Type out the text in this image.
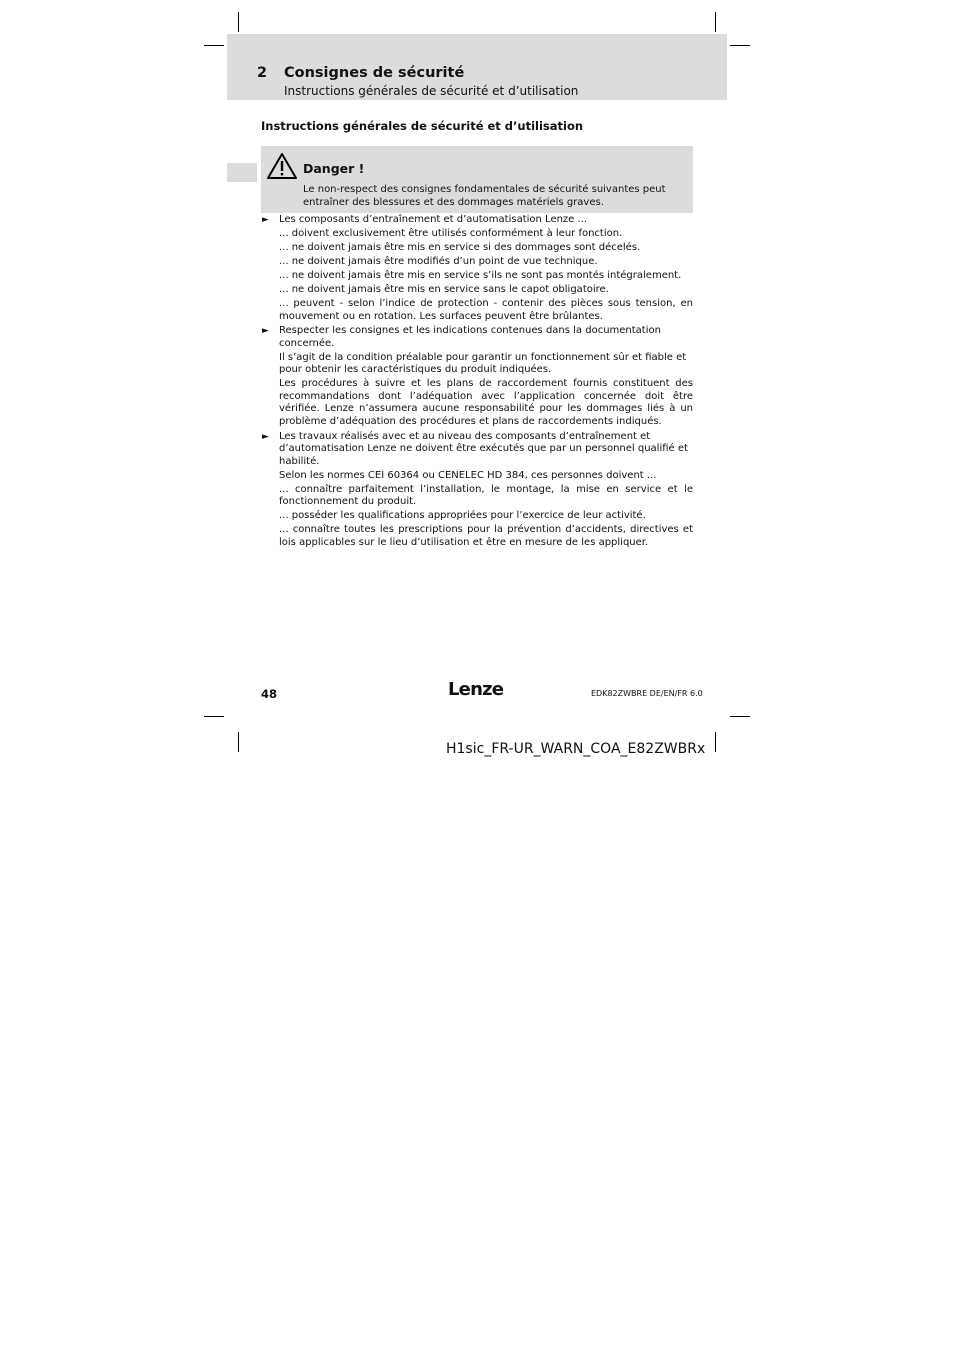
2 Consignes de sécurité
Instructions générales de sécurité et d’utilisation
Instructions générales de sécurité et d’utilisation
Danger !
Le non-respect des consignes fondamentales de sécurité suivantes peut entraîner des blessures et des dommages matériels graves.
► Les composants d’entraînement et d’automatisation Lenze ...

... doivent exclusivement être utilisés conformément à leur fonction.

... ne doivent jamais être mis en service si des dommages sont décelés.

... ne doivent jamais être modifiés d’un point de vue technique.

... ne doivent jamais être mis en service s’ils ne sont pas montés intégralement.

... ne doivent jamais être mis en service sans le capot obligatoire.

... peuvent - selon l’indice de protection - contenir des pièces sous tension, en mouvement ou en rotation. Les surfaces peuvent être brûlantes.

► Respecter les consignes et les indications contenues dans la documentation concernée.

Il s’agit de la condition préalable pour garantir un fonctionnement sûr et fiable et pour obtenir les caractéristiques du produit indiquées.

Les procédures à suivre et les plans de raccordement fournis constituent des recommandations dont l’adéquation avec l’application concernée doit être vérifiée. Lenze n’assumera aucune responsabilité pour les dommages liés à un problème d’adéquation des procédures et plans de raccordements indiqués.

► Les travaux réalisés avec et au niveau des composants d’entraînement et d’automatisation Lenze ne doivent être exécutés que par un personnel qualifié et habilité.

Selon les normes CEI 60364 ou CENELEC HD 384, ces personnes doivent ...

... connaître parfaitement l’installation, le montage, la mise en service et le fonctionnement du produit.

... posséder les qualifications appropriées pour l’exercice de leur activité.

... connaître toutes les prescriptions pour la prévention d’accidents, directives et lois applicables sur le lieu d’utilisation et être en mesure de les appliquer.

48	Lenze	EDK82ZWBRE DE/EN/FR 6.0
H1sic_FR-UR_WARN_COA_E82ZWBRx
